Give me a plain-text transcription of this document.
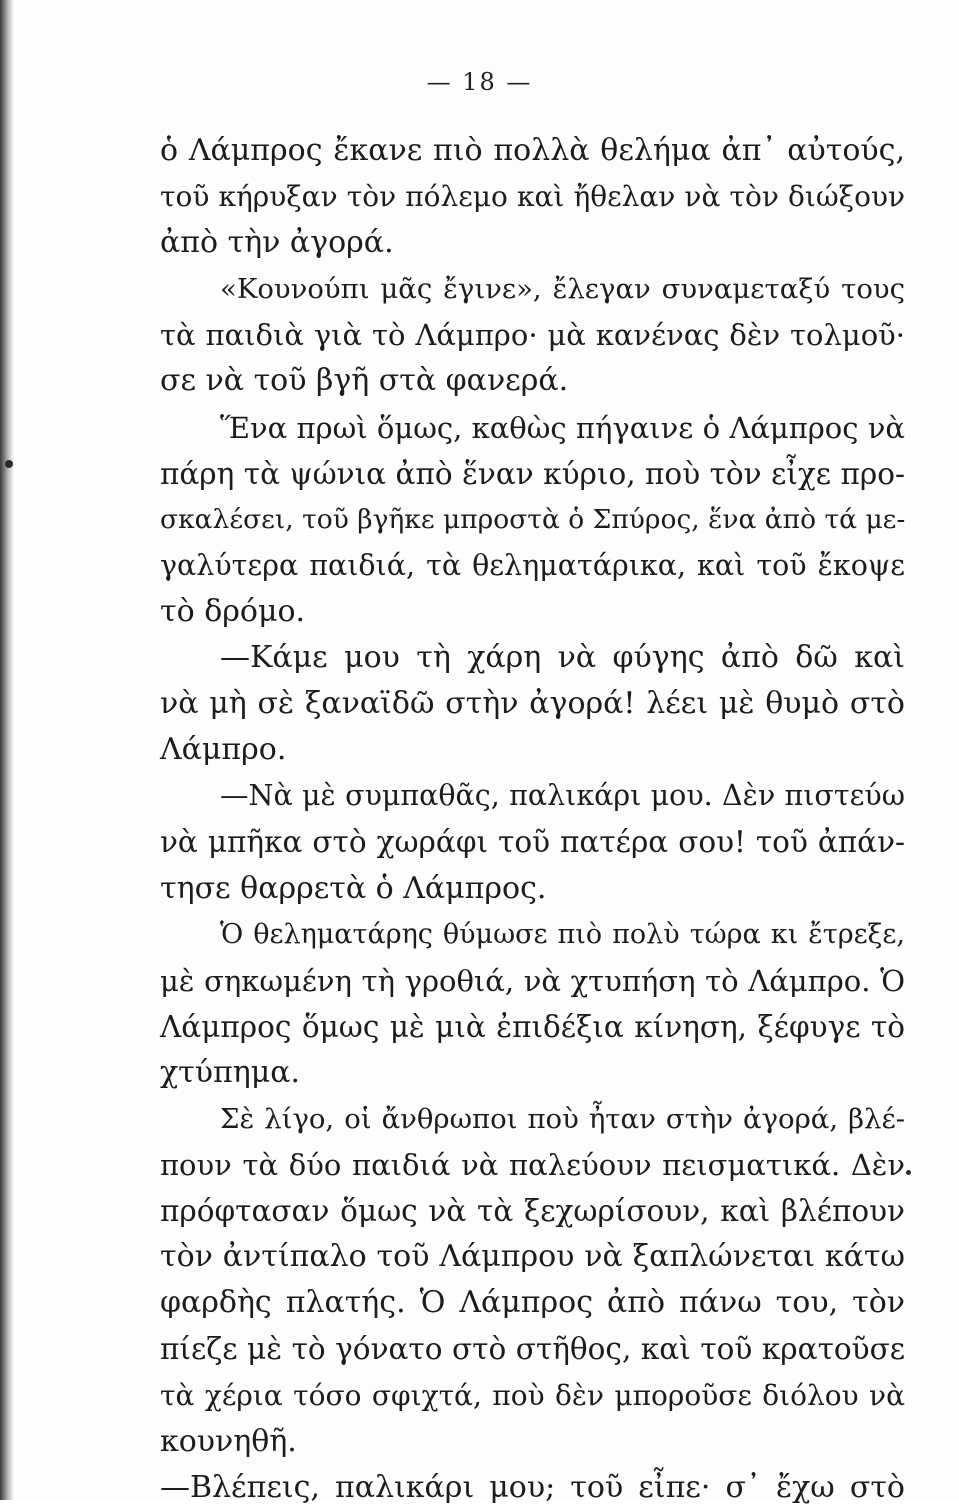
— 18 —
ὁ Λάμπρος ἔκανε πιὸ πολλὰ θελήμα ἀπ᾽ αὐτούς,
τοῦ κήρυξαν τὸν πόλεμο καὶ ἤθελαν νὰ τὸν διώξουν
ἀπὸ τὴν ἀγορά.
«Κουνούπι μᾶς ἔγινε», ἔλεγαν συναμεταξύ τους
τὰ παιδιὰ γιὰ τὸ Λάμπρο· μὰ κανένας δὲν τολμοῦ·
σε νὰ τοῦ βγῆ στὰ φανερά.
Ἕνα πρωὶ ὅμως, καθὼς πήγαινε ὁ Λάμπρος νὰ
πάρη τὰ ψώνια ἀπὸ ἕναν κύριο, ποὺ τὸν εἶχε προ-
σκαλέσει, τοῦ βγῆκε μπροστὰ ὁ Σπύρος, ἕνα ἀπὸ τά με-
γαλύτερα παιδιά, τὰ θεληματάρικα, καὶ τοῦ ἔκοψε
τὸ δρόμο.
—Κάμε μου τὴ χάρη νὰ φύγης ἀπὸ δῶ καὶ
νὰ μὴ σὲ ξαναϊδῶ στὴν ἀγορά! λέει μὲ θυμὸ στὸ
Λάμπρο.
—Νὰ μὲ συμπαθᾶς, παλικάρι μου. Δὲν πιστεύω
νὰ μπῆκα στὸ χωράφι τοῦ πατέρα σου! τοῦ ἀπάν-
τησε θαρρετὰ ὁ Λάμπρος.
Ὁ θεληματάρης θύμωσε πιὸ πολὺ τώρα κι ἔτρεξε,
μὲ σηκωμένη τὴ γροθιά, νὰ χτυπήση τὸ Λάμπρο. Ὁ
Λάμπρος ὅμως μὲ μιὰ ἐπιδέξια κίνηση, ξέφυγε τὸ
χτύπημα.
Σὲ λίγο, οἱ ἄνθρωποι ποὺ ἦταν στὴν ἀγορά, βλέ-
πουν τὰ δύο παιδιά νὰ παλεύουν πεισματικά. Δὲν
πρόφτασαν ὅμως νὰ τὰ ξεχωρίσουν, καὶ βλέπουν
τὸν ἀντίπαλο τοῦ Λάμπρου νὰ ξαπλώνεται κάτω
φαρδὴς πλατής. Ὁ Λάμπρος ἀπὸ πάνω του, τὸν
πίεζε μὲ τὸ γόνατο στὸ στῆθος, καὶ τοῦ κρατοῦσε
τὰ χέρια τόσο σφιχτά, ποὺ δὲν μποροῦσε διόλου νὰ
κουνηθῆ.
—Βλέπεις, παλικάρι μου; τοῦ εἶπε· σ᾽ ἔχω στὸ
